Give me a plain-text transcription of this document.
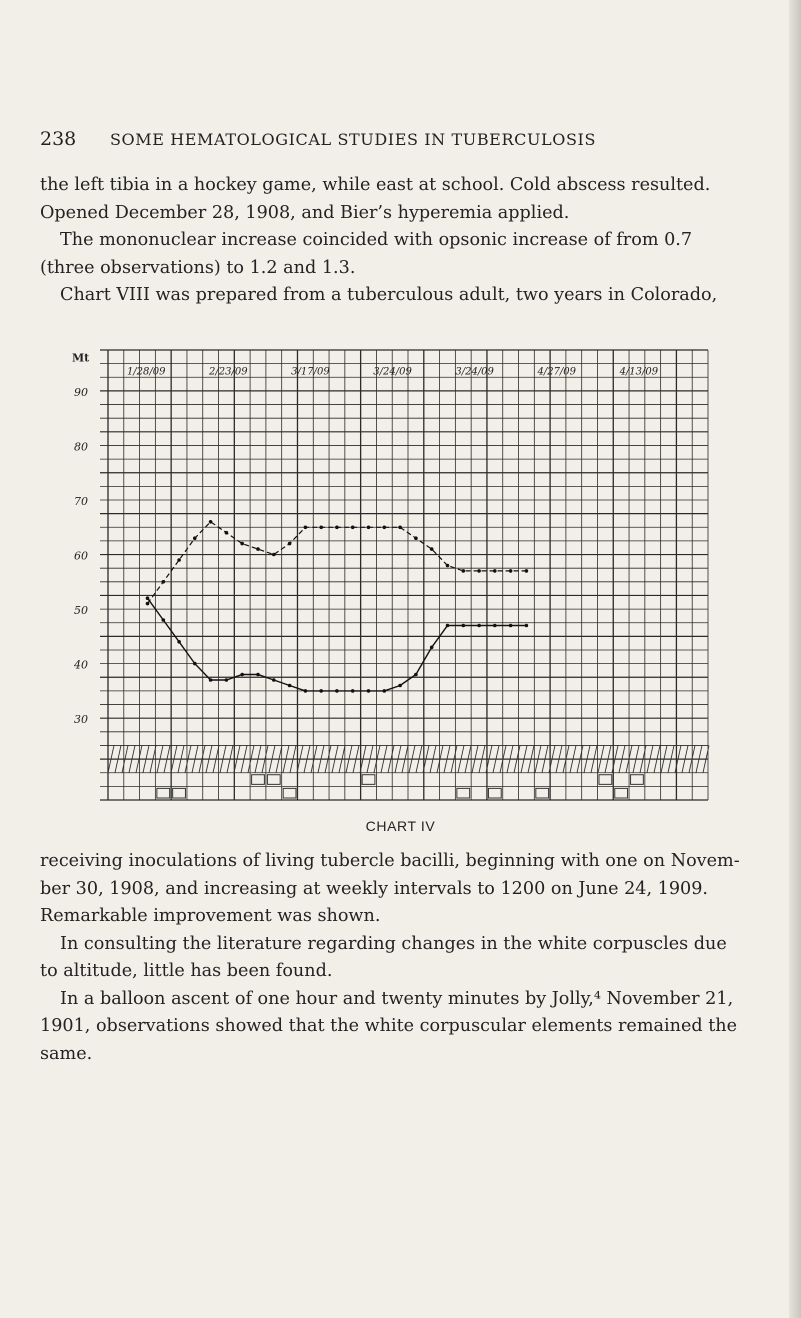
238 SOME HEMATOLOGICAL STUDIES IN TUBERCULOSIS
the left tibia in a hockey game, while east at school. Cold abscess resulted.
Opened December 28, 1908, and Bier’s hyperemia applied.
The mononuclear increase coincided with opsonic increase of from 0.7
(three observations) to 1.2 and 1.3.
Chart VIII was prepared from a tuberculous adult, two years in Colorado,
90
80
70
60
50
40
30
Mt
1/28/09	2/23/09	3/17/09	3/24/09	3/24/09	4/27/09	4/13/09
CHART IV
receiving inoculations of living tubercle bacilli, beginning with one on Novem-
ber 30, 1908, and increasing at weekly intervals to 1200 on June 24, 1909.
Remarkable improvement was shown.
In consulting the literature regarding changes in the white corpuscles due
to altitude, little has been found.
In a balloon ascent of one hour and twenty minutes by Jolly,⁴ November 21,
1901, observations showed that the white corpuscular elements remained the
same.
